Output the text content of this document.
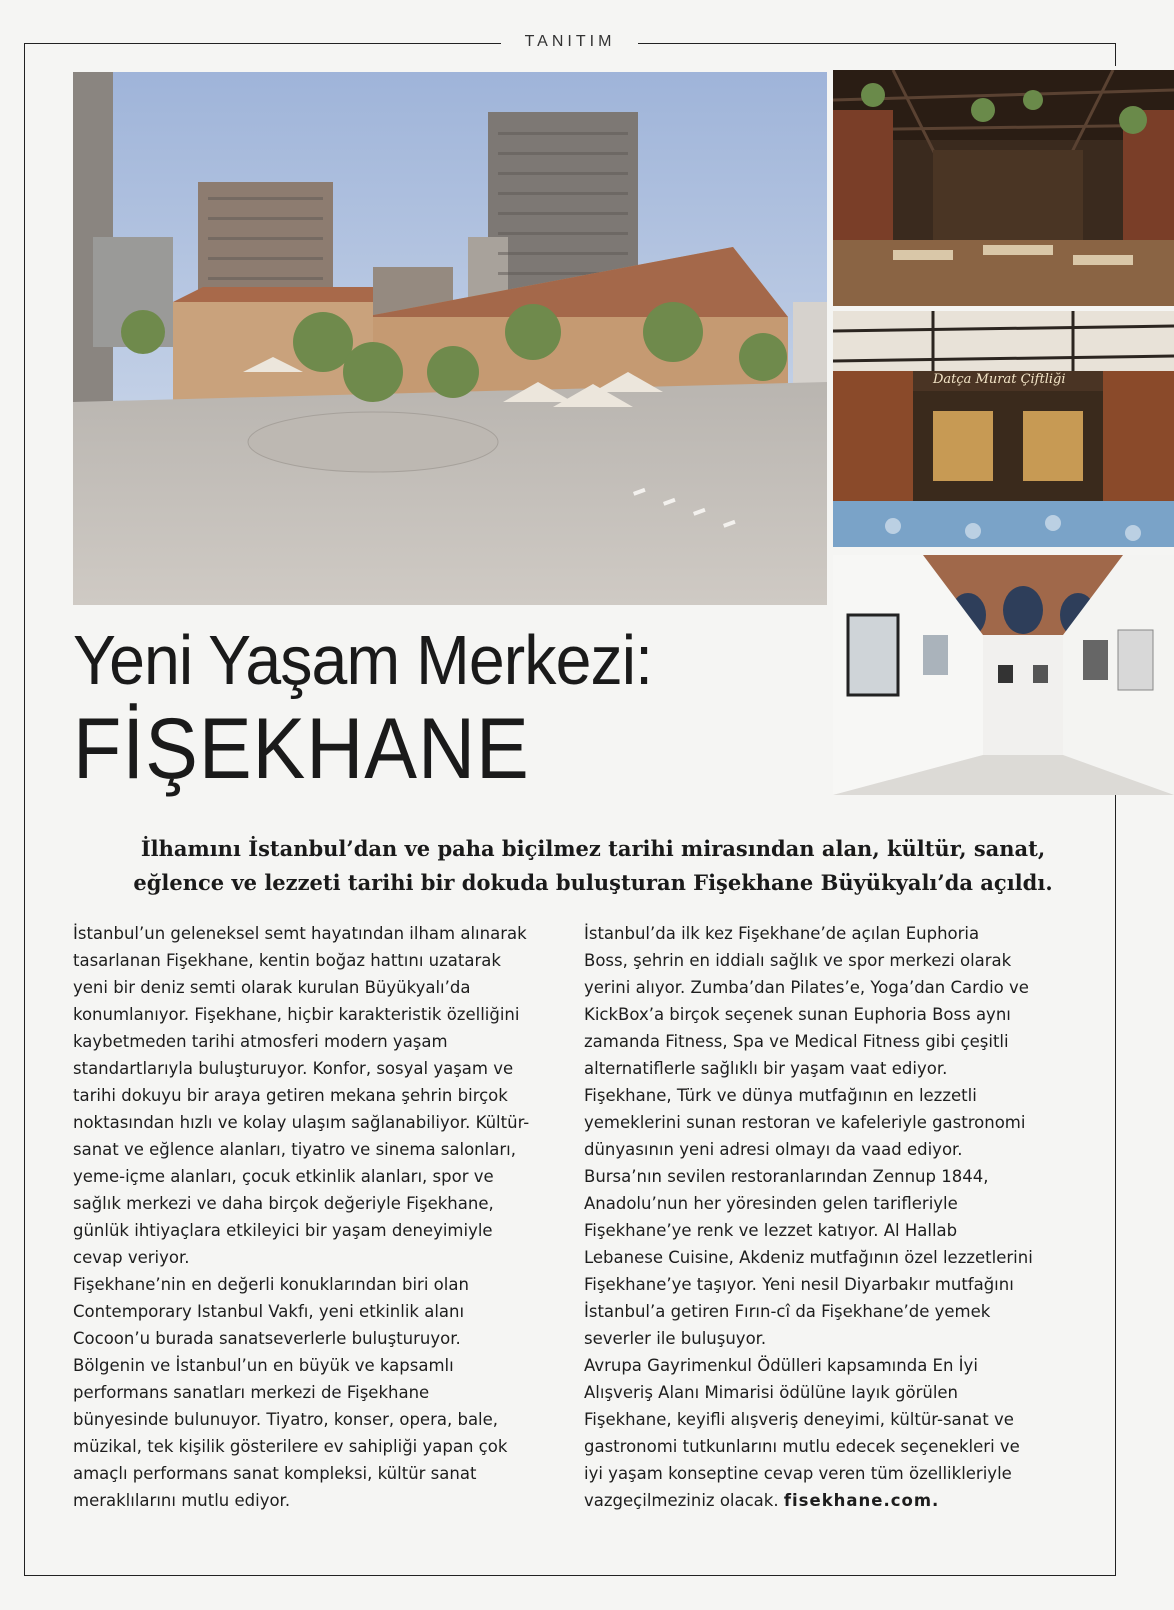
TANITIM
Datça Murat Çiftliği
Yeni Yaşam Merkezi:
FİŞEKHANE
İlhamını İstanbul’dan ve paha biçilmez tarihi mirasından alan, kültür, sanat,
eğlence ve lezzeti tarihi bir dokuda buluşturan Fişekhane Büyükyalı’da açıldı.

İstanbul’un geleneksel semt hayatından ilham alınarak

tasarlanan Fişekhane, kentin boğaz hattını uzatarak

yeni bir deniz semti olarak kurulan Büyükyalı’da

konumlanıyor. Fişekhane, hiçbir karakteristik özelliğini

kaybetmeden tarihi atmosferi modern yaşam

standartlarıyla buluşturuyor. Konfor, sosyal yaşam ve

tarihi dokuyu bir araya getiren mekana şehrin birçok

noktasından hızlı ve kolay ulaşım sağlanabiliyor. Kültür-

sanat ve eğlence alanları, tiyatro ve sinema salonları,

yeme-içme alanları, çocuk etkinlik alanları, spor ve

sağlık merkezi ve daha birçok değeriyle Fişekhane,

günlük ihtiyaçlara etkileyici bir yaşam deneyimiyle

cevap veriyor.

Fişekhane’nin en değerli konuklarından biri olan

Contemporary Istanbul Vakfı, yeni etkinlik alanı

Cocoon’u burada sanatseverlerle buluşturuyor.

Bölgenin ve İstanbul’un en büyük ve kapsamlı

performans sanatları merkezi de Fişekhane

bünyesinde bulunuyor. Tiyatro, konser, opera, bale,

müzikal, tek kişilik gösterilere ev sahipliği yapan çok

amaçlı performans sanat kompleksi, kültür sanat

meraklılarını mutlu ediyor.

İstanbul’da ilk kez Fişekhane’de açılan Euphoria

Boss, şehrin en iddialı sağlık ve spor merkezi olarak

yerini alıyor. Zumba’dan Pilates’e, Yoga’dan Cardio ve

KickBox’a birçok seçenek sunan Euphoria Boss aynı

zamanda Fitness, Spa ve Medical Fitness gibi çeşitli

alternatiflerle sağlıklı bir yaşam vaat ediyor.

Fişekhane, Türk ve dünya mutfağının en lezzetli

yemeklerini sunan restoran ve kafeleriyle gastronomi

dünyasının yeni adresi olmayı da vaad ediyor.

Bursa’nın sevilen restoranlarından Zennup 1844,

Anadolu’nun her yöresinden gelen tarifleriyle

Fişekhane’ye renk ve lezzet katıyor. Al Hallab

Lebanese Cuisine, Akdeniz mutfağının özel lezzetlerini

Fişekhane’ye taşıyor. Yeni nesil Diyarbakır mutfağını

İstanbul’a getiren Fırın-cî da Fişekhane’de yemek

severler ile buluşuyor.

Avrupa Gayrimenkul Ödülleri kapsamında En İyi

Alışveriş Alanı Mimarisi ödülüne layık görülen

Fişekhane, keyifli alışveriş deneyimi, kültür-sanat ve

gastronomi tutkunlarını mutlu edecek seçenekleri ve

iyi yaşam konseptine cevap veren tüm özellikleriyle

vazgeçilmeziniz olacak. fisekhane.com.
